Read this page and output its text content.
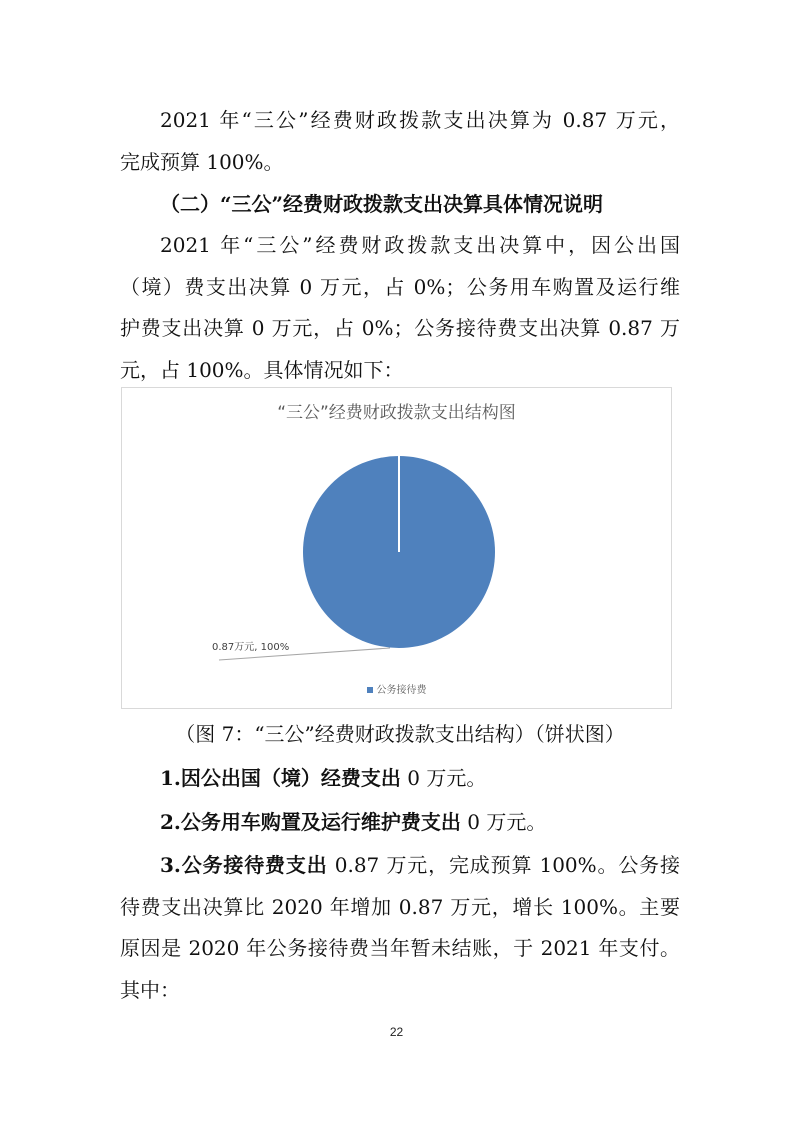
2021 年“三公”经费财政拨款支出决算为 0.87 万元，
完成预算 100%。
（二）“三公”经费财政拨款支出决算具体情况说明
2021 年“三公”经费财政拨款支出决算中，因公出国
（境）费支出决算 0 万元，占 0%；公务用车购置及运行维
护费支出决算 0 万元，占 0%；公务接待费支出决算 0.87 万
元，占 100%。具体情况如下：
“三公”经费财政拨款支出结构图
0.87万元, 100%
公务接待费
（图 7：“三公”经费财政拨款支出结构）（饼状图）
1.因公出国（境）经费支出 0 万元。
2.公务用车购置及运行维护费支出 0 万元。
3.公务接待费支出 0.87 万元，完成预算 100%。公务接
待费支出决算比 2020 年增加 0.87 万元，增长 100%。主要
原因是 2020 年公务接待费当年暂未结账，于 2021 年支付。
其中：
22
